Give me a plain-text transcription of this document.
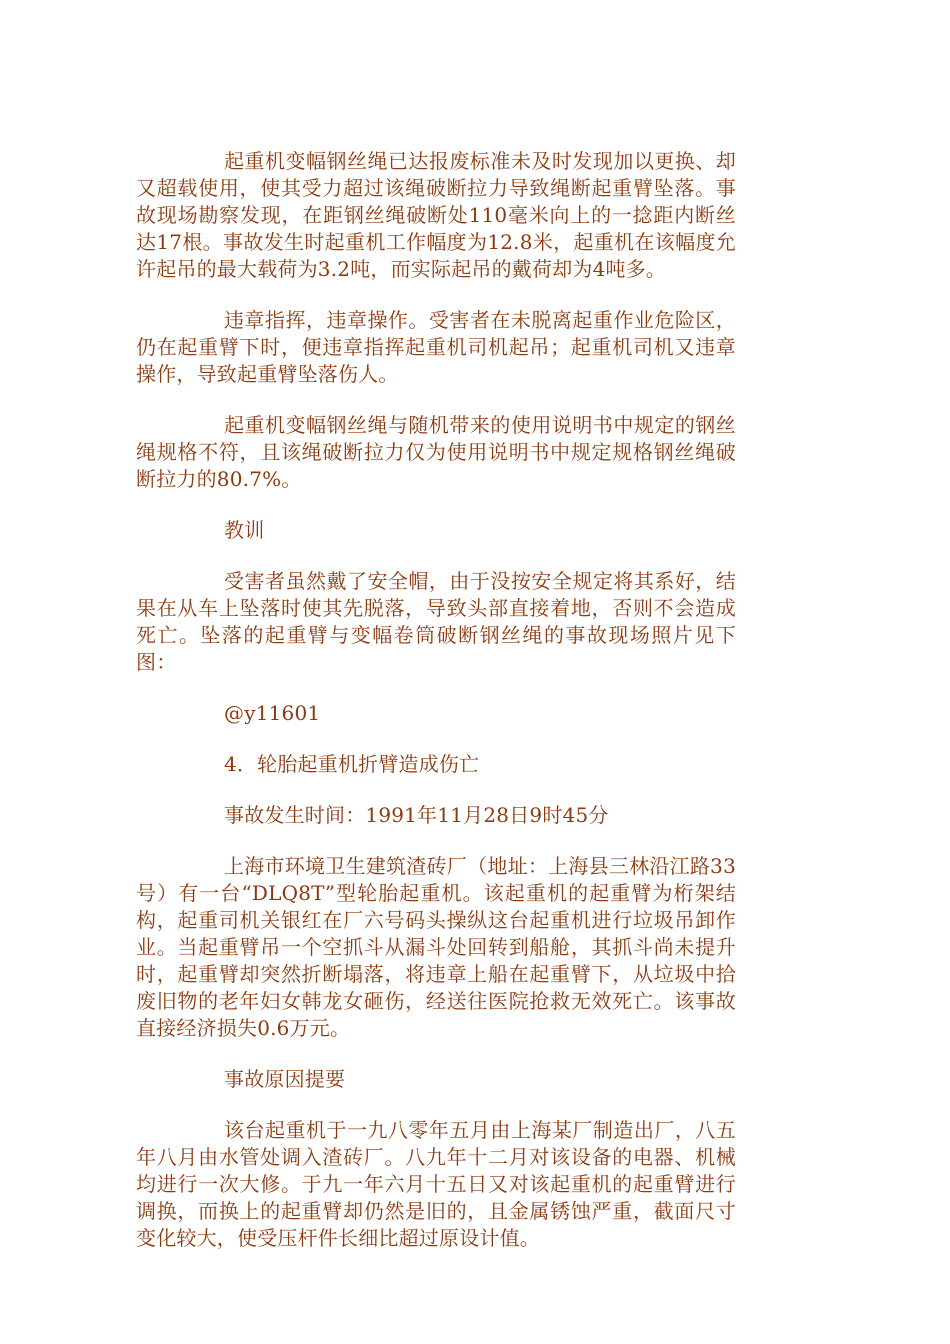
起重机变幅钢丝绳已达报废标准未及时发现加以更换、却又超载使用，使其受力超过该绳破断拉力导致绳断起重臂坠落。事故现场勘察发现，在距钢丝绳破断处110毫米向上的一捻距内断丝达17根。事故发生时起重机工作幅度为12.8米，起重机在该幅度允许起吊的最大载荷为3.2吨，而实际起吊的戴荷却为4吨多。

违章指挥，违章操作。受害者在未脱离起重作业危险区，仍在起重臂下时，便违章指挥起重机司机起吊；起重机司机又违章操作，导致起重臂坠落伤人。

起重机变幅钢丝绳与随机带来的使用说明书中规定的钢丝绳规格不符，且该绳破断拉力仅为使用说明书中规定规格钢丝绳破断拉力的80.7%。

教训

受害者虽然戴了安全帽，由于没按安全规定将其系好，结果在从车上坠落时使其先脱落，导致头部直接着地，否则不会造成死亡。坠落的起重臂与变幅卷筒破断钢丝绳的事故现场照片见下图：

@y11601

4．轮胎起重机折臂造成伤亡

事故发生时间：1991年11月28日9时45分

上海市环境卫生建筑渣砖厂（地址：上海县三林沿江路33号）有一台“DLQ8T”型轮胎起重机。该起重机的起重臂为桁架结构，起重司机关银红在厂六号码头操纵这台起重机进行垃圾吊卸作业。当起重臂吊一个空抓斗从漏斗处回转到船舱，其抓斗尚未提升时，起重臂却突然折断塌落，将违章上船在起重臂下，从垃圾中拾废旧物的老年妇女韩龙女砸伤，经送往医院抢救无效死亡。该事故直接经济损失0.6万元。

事故原因提要

该台起重机于一九八零年五月由上海某厂制造出厂，八五年八月由水管处调入渣砖厂。八九年十二月对该设备的电器、机械均进行一次大修。于九一年六月十五日又对该起重机的起重臂进行调换，而换上的起重臂却仍然是旧的，且金属锈蚀严重，截面尺寸变化较大，使受压杆件长细比超过原设计值。
